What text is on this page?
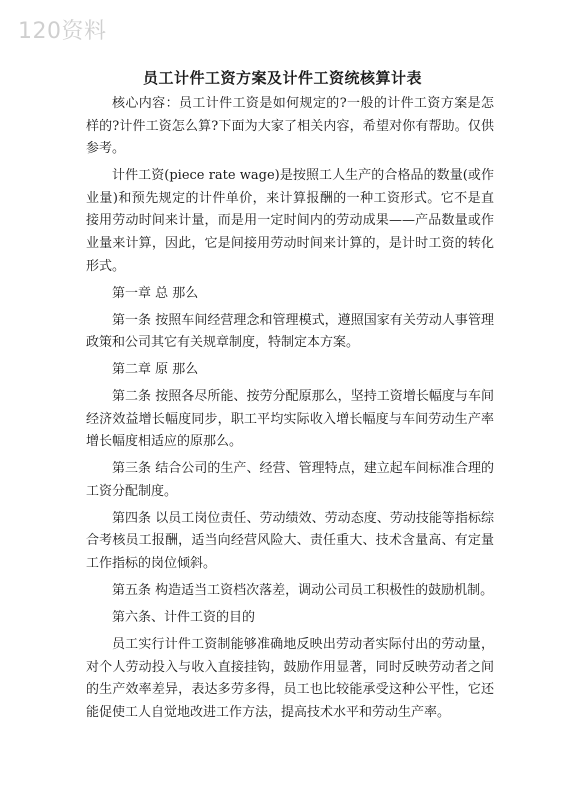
120资料
员工计件工资方案及计件工资统核算计表

核心内容：员工计件工资是如何规定的?一般的计件工资方案是怎样的?计件工资怎么算?下面为大家了相关内容，希望对你有帮助。仅供参考。

计件工资(piece rate wage)是按照工人生产的合格品的数量(或作业量)和预先规定的计件单价，来计算报酬的一种工资形式。它不是直接用劳动时间来计量，而是用一定时间内的劳动成果——产品数量或作业量来计算，因此，它是间接用劳动时间来计算的，是计时工资的转化形式。

第一章 总 那么

第一条 按照车间经营理念和管理模式，遵照国家有关劳动人事管理政策和公司其它有关规章制度，特制定本方案。

第二章 原 那么

第二条 按照各尽所能、按劳分配原那么，坚持工资增长幅度与车间经济效益增长幅度同步，职工平均实际收入增长幅度与车间劳动生产率增长幅度相适应的原那么。

第三条 结合公司的生产、经营、管理特点，建立起车间标准合理的工资分配制度。

第四条 以员工岗位责任、劳动绩效、劳动态度、劳动技能等指标综合考核员工报酬，适当向经营风险大、责任重大、技术含量高、有定量工作指标的岗位倾斜。

第五条 构造适当工资档次落差，调动公司员工积极性的鼓励机制。

第六条、计件工资的目的

员工实行计件工资制能够准确地反映出劳动者实际付出的劳动量，对个人劳动投入与收入直接挂钩，鼓励作用显著，同时反映劳动者之间的生产效率差异，表达多劳多得，员工也比较能承受这种公平性，它还能促使工人自觉地改进工作方法，提高技术水平和劳动生产率。
